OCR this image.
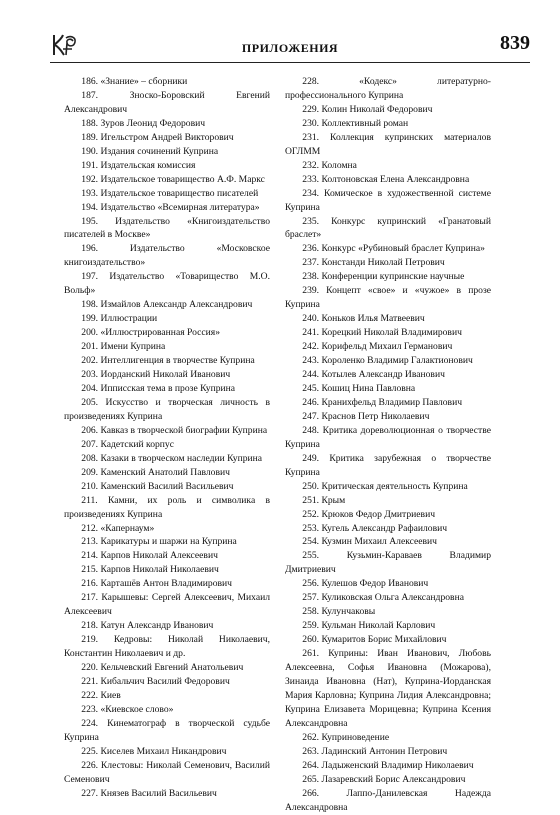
ПРИЛОЖЕНИЯ	839

186. «Знание» – сборники

187. Зноско-Боровский Евгений Александрович

188. Зуров Леонид Федорович

189. Игельстром Андрей Викторович

190. Издания сочинений Куприна

191. Издательская комиссия

192. Издательское товарищество А.Ф. Маркс

193. Издательское товарищество писателей

194. Издательство «Всемирная литература»

195. Издательство «Книгоиздательство писателей в Москве»

196. Издательство «Московское книгоиздательство»

197. Издательство «Товарищество М.О. Вольф»

198. Измайлов Александр Александрович

199. Иллюстрации

200. «Иллюстрированная Россия»

201. Имени Куприна

202. Интеллигенция в творчестве Куприна

203. Иорданский Николай Иванович

204. Ипписская тема в прозе Куприна

205. Искусство и творческая личность в произведениях Куприна

206. Кавказ в творческой биографии Куприна

207. Кадетский корпус

208. Казаки в творческом наследии Куприна

209. Каменский Анатолий Павлович

210. Каменский Василий Васильевич

211. Камни, их роль и символика в произведениях Куприна

212. «Капернаум»

213. Карикатуры и шаржи на Куприна

214. Карпов Николай Алексеевич

215. Карпов Николай Николаевич

216. Карташёв Антон Владимирович

217. Карышевы: Сергей Алексеевич, Михаил Алексеевич

218. Катун Александр Иванович

219. Кедровы: Николай Николаевич, Константин Николаевич и др.

220. Кельчевский Евгений Анатольевич

221. Кибальчич Василий Федорович

222. Киев

223. «Киевское слово»

224. Кинематограф в творческой судьбе Куприна

225. Киселев Михаил Никандрович

226. Клестовы: Николай Семенович, Василий Семенович

227. Князев Василий Васильевич

228. «Кодекс» литературно-профессионального Куприна

229. Колин Николай Федорович

230. Коллективный роман

231. Коллекция купринских материалов ОГЛММ

232. Коломна

233. Колтоновская Елена Александровна

234. Комическое в художественной системе Куприна

235. Конкурс купринский «Гранатовый браслет»

236. Конкурс «Рубиновый браслет Куприна»

237. Констанди Николай Петрович

238. Конференции купринские научные

239. Концепт «свое» и «чужое» в прозе Куприна

240. Коньков Илья Матвеевич

241. Корецкий Николай Владимирович

242. Корифельд Михаил Германович

243. Короленко Владимир Галактионович

244. Котылев Александр Иванович

245. Кошиц Нина Павловна

246. Кранихфельд Владимир Павлович

247. Краснов Петр Николаевич

248. Критика дореволюционная о творчестве Куприна

249. Критика зарубежная о творчестве Куприна

250. Критическая деятельность Куприна

251. Крым

252. Крюков Федор Дмитриевич

253. Кугель Александр Рафаилович

254. Кузмин Михаил Алексеевич

255. Кузьмин-Караваев Владимир Дмитриевич

256. Кулешов Федор Иванович

257. Куликовская Ольга Александровна

258. Кулунчаковы

259. Кульман Николай Карлович

260. Кумаритов Борис Михайлович

261. Куприны: Иван Иванович, Любовь Алексеевна, Софья Ивановна (Можарова), Зинаида Ивановна (Нат), Куприна-Иорданская Мария Карловна; Куприна Лидия Александровна; Куприна Елизавета Морицевна; Куприна Ксения Александровна

262. Куприноведение

263. Ладинский Антонин Петрович

264. Ладыженский Владимир Николаевич

265. Лазаревский Борис Александрович

266. Лаппо-Данилевская Надежда Александровна
